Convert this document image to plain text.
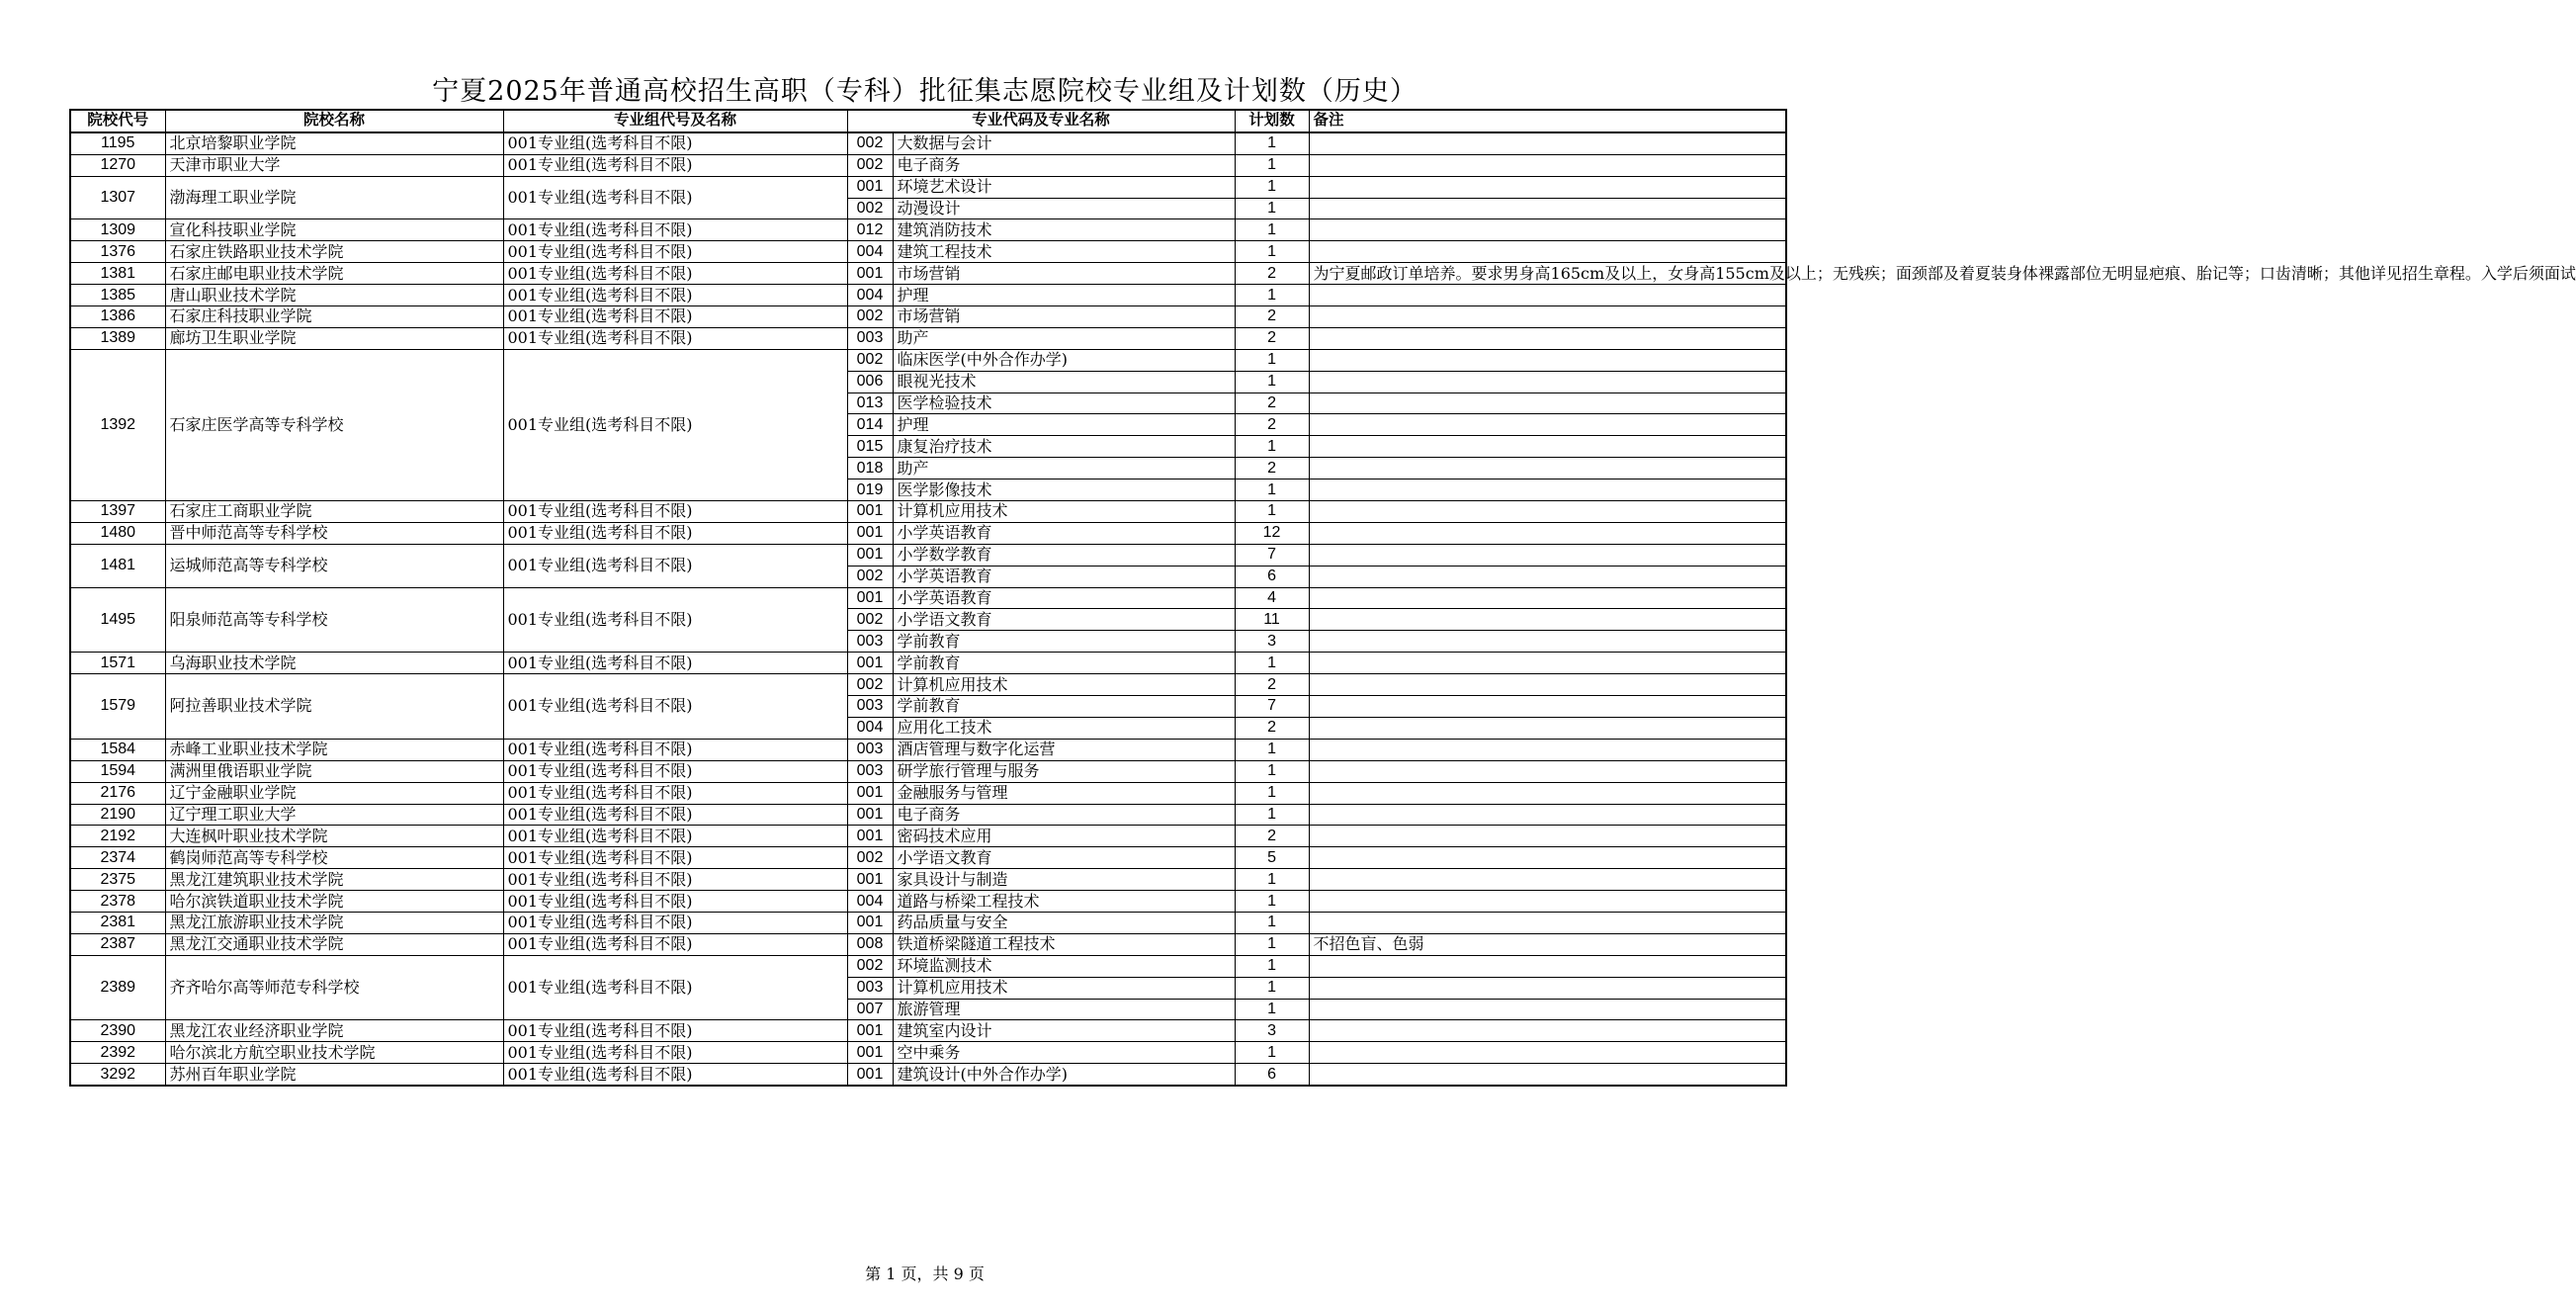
宁夏2025年普通高校招生高职（专科）批征集志愿院校专业组及计划数（历史）
院校代号	院校名称	专业组代号及名称	专业代码及专业名称		计划数	备注
1195	北京培黎职业学院	001专业组(选考科目不限)	002	大数据与会计	1	
1270	天津市职业大学	001专业组(选考科目不限)	002	电子商务	1	
1307	渤海理工职业学院	001专业组(选考科目不限)	001	环境艺术设计	1	
			002	动漫设计	1	
1309	宣化科技职业学院	001专业组(选考科目不限)	012	建筑消防技术	1	
1376	石家庄铁路职业技术学院	001专业组(选考科目不限)	004	建筑工程技术	1	
1381	石家庄邮电职业技术学院	001专业组(选考科目不限)	001	市场营销	2	为宁夏邮政订单培养。要求男身高165cm及以上，女身高155cm及以上；无残疾；面颈部及着夏装身体裸露部位无明显疤痕、胎记等；口齿清晰；其他详见招生章程。入学后须面试
1385	唐山职业技术学院	001专业组(选考科目不限)	004	护理	1	
1386	石家庄科技职业学院	001专业组(选考科目不限)	002	市场营销	2	
1389	廊坊卫生职业学院	001专业组(选考科目不限)	003	助产	2	
1392	石家庄医学高等专科学校	001专业组(选考科目不限)	002	临床医学(中外合作办学)	1	
			006	眼视光技术	1	
			013	医学检验技术	2	
			014	护理	2	
			015	康复治疗技术	1	
			018	助产	2	
			019	医学影像技术	1	
1397	石家庄工商职业学院	001专业组(选考科目不限)	001	计算机应用技术	1	
1480	晋中师范高等专科学校	001专业组(选考科目不限)	001	小学英语教育	12	
1481	运城师范高等专科学校	001专业组(选考科目不限)	001	小学数学教育	7	
			002	小学英语教育	6	
1495	阳泉师范高等专科学校	001专业组(选考科目不限)	001	小学英语教育	4	
			002	小学语文教育	11	
			003	学前教育	3	
1571	乌海职业技术学院	001专业组(选考科目不限)	001	学前教育	1	
1579	阿拉善职业技术学院	001专业组(选考科目不限)	002	计算机应用技术	2	
			003	学前教育	7	
			004	应用化工技术	2	
1584	赤峰工业职业技术学院	001专业组(选考科目不限)	003	酒店管理与数字化运营	1	
1594	满洲里俄语职业学院	001专业组(选考科目不限)	003	研学旅行管理与服务	1	
2176	辽宁金融职业学院	001专业组(选考科目不限)	001	金融服务与管理	1	
2190	辽宁理工职业大学	001专业组(选考科目不限)	001	电子商务	1	
2192	大连枫叶职业技术学院	001专业组(选考科目不限)	001	密码技术应用	2	
2374	鹤岗师范高等专科学校	001专业组(选考科目不限)	002	小学语文教育	5	
2375	黑龙江建筑职业技术学院	001专业组(选考科目不限)	001	家具设计与制造	1	
2378	哈尔滨铁道职业技术学院	001专业组(选考科目不限)	004	道路与桥梁工程技术	1	
2381	黑龙江旅游职业技术学院	001专业组(选考科目不限)	001	药品质量与安全	1	
2387	黑龙江交通职业技术学院	001专业组(选考科目不限)	008	铁道桥梁隧道工程技术	1	不招色盲、色弱
2389	齐齐哈尔高等师范专科学校	001专业组(选考科目不限)	002	环境监测技术	1	
			003	计算机应用技术	1	
			007	旅游管理	1	
2390	黑龙江农业经济职业学院	001专业组(选考科目不限)	001	建筑室内设计	3	
2392	哈尔滨北方航空职业技术学院	001专业组(选考科目不限)	001	空中乘务	1	
3292	苏州百年职业学院	001专业组(选考科目不限)	001	建筑设计(中外合作办学)	6	
第 1 页，共 9 页
